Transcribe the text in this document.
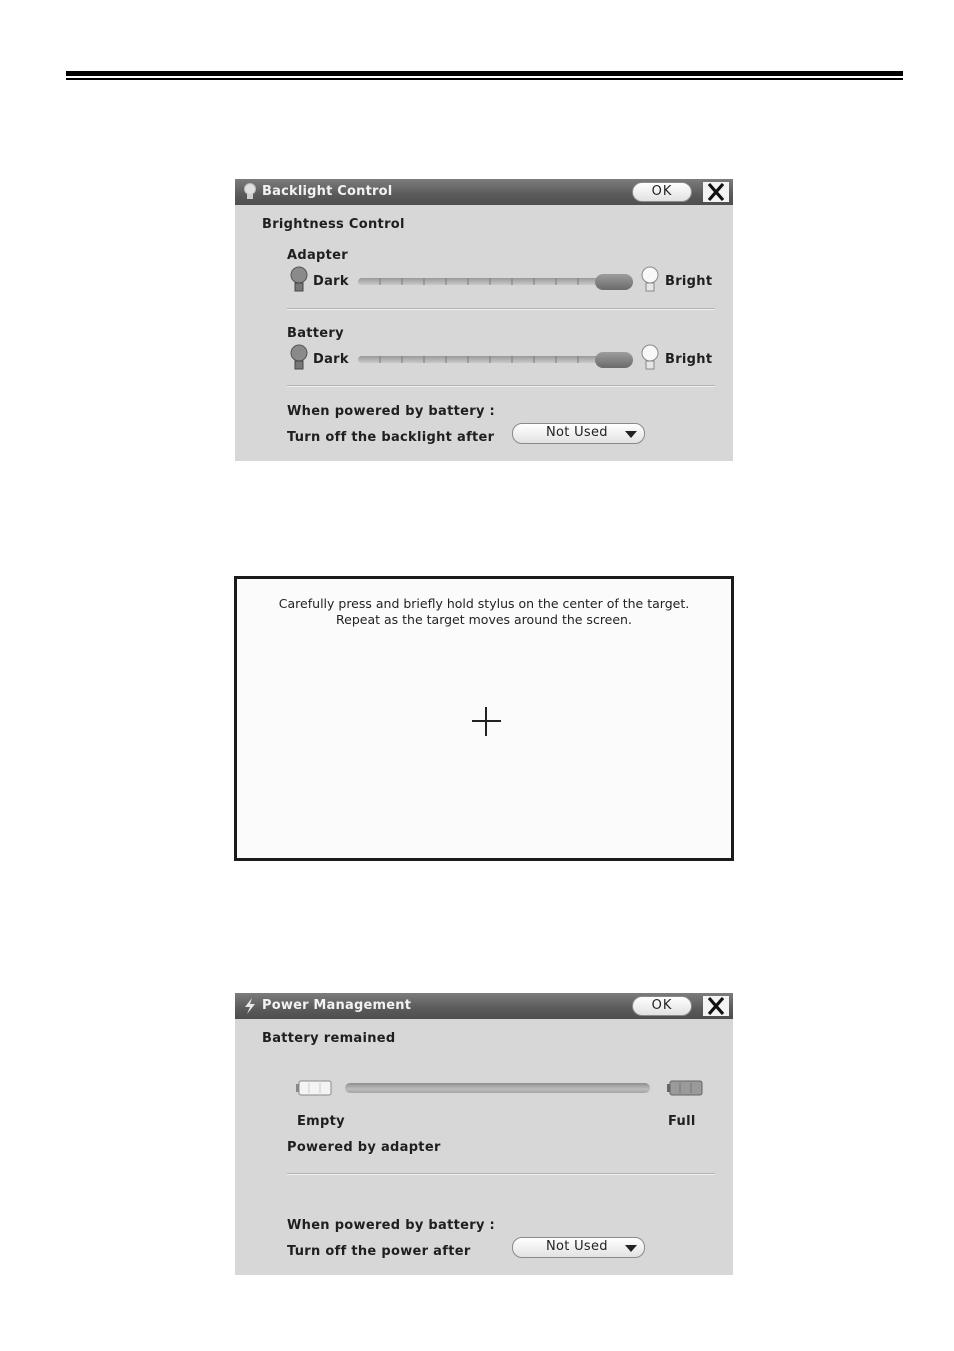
Backlight Control	OK
Brightness Control
Adapter
Dark	Bright
Battery
Dark	Bright
When powered by battery :
Turn off the backlight after	Not Used
Carefully press and briefly hold stylus on the center of the target.
Repeat as the target moves around the screen.
Power Management	OK
Battery remained
Empty	Full
Powered by adapter
When powered by battery :
Turn off the power after	Not Used
